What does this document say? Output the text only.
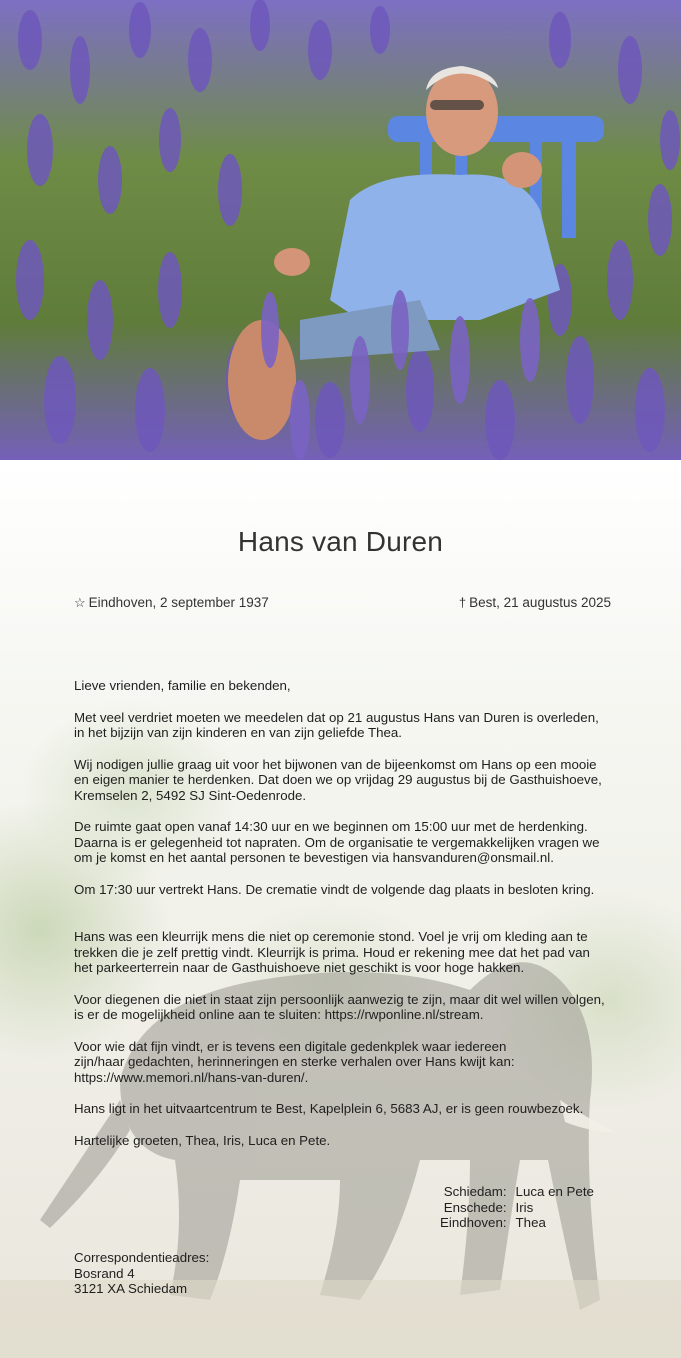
Hans van Duren
☆ Eindhoven, 2 september 1937	† Best, 21 augustus 2025

Lieve vrienden, familie en bekenden,

Met veel verdriet moeten we meedelen dat op 21 augustus Hans van Duren is overleden,
in het bijzijn van zijn kinderen en van zijn geliefde Thea.

Wij nodigen jullie graag uit voor het bijwonen van de bijeenkomst om Hans op een mooie
en eigen manier te herdenken. Dat doen we op vrijdag 29 augustus bij de Gasthuishoeve,
Kremselen 2, 5492 SJ Sint-Oedenrode.

De ruimte gaat open vanaf 14:30 uur en we beginnen om 15:00 uur met de herdenking.
Daarna is er gelegenheid tot napraten. Om de organisatie te vergemakkelijken vragen we
om je komst en het aantal personen te bevestigen via hansvanduren@onsmail.nl.

Om 17:30 uur vertrekt Hans. De crematie vindt de volgende dag plaats in besloten kring.

Hans was een kleurrijk mens die niet op ceremonie stond. Voel je vrij om kleding aan te
trekken die je zelf prettig vindt. Kleurrijk is prima. Houd er rekening mee dat het pad van
het parkeerterrein naar de Gasthuishoeve niet geschikt is voor hoge hakken.

Voor diegenen die niet in staat zijn persoonlijk aanwezig te zijn, maar dit wel willen volgen,
is er de mogelijkheid online aan te sluiten: https://rwponline.nl/stream.

Voor wie dat fijn vindt, er is tevens een digitale gedenkplek waar iedereen
zijn/haar gedachten, herinneringen en sterke verhalen over Hans kwijt kan:
https://www.memori.nl/hans-van-duren/.

Hans ligt in het uitvaartcentrum te Best, Kapelplein 6, 5683 AJ, er is geen rouwbezoek.

Hartelijke groeten, Thea, Iris, Luca en Pete.

Schiedam:	Luca en Pete
Enschede:	Iris
Eindhoven:	Thea
Correspondentieadres:
Bosrand 4
3121 XA Schiedam
